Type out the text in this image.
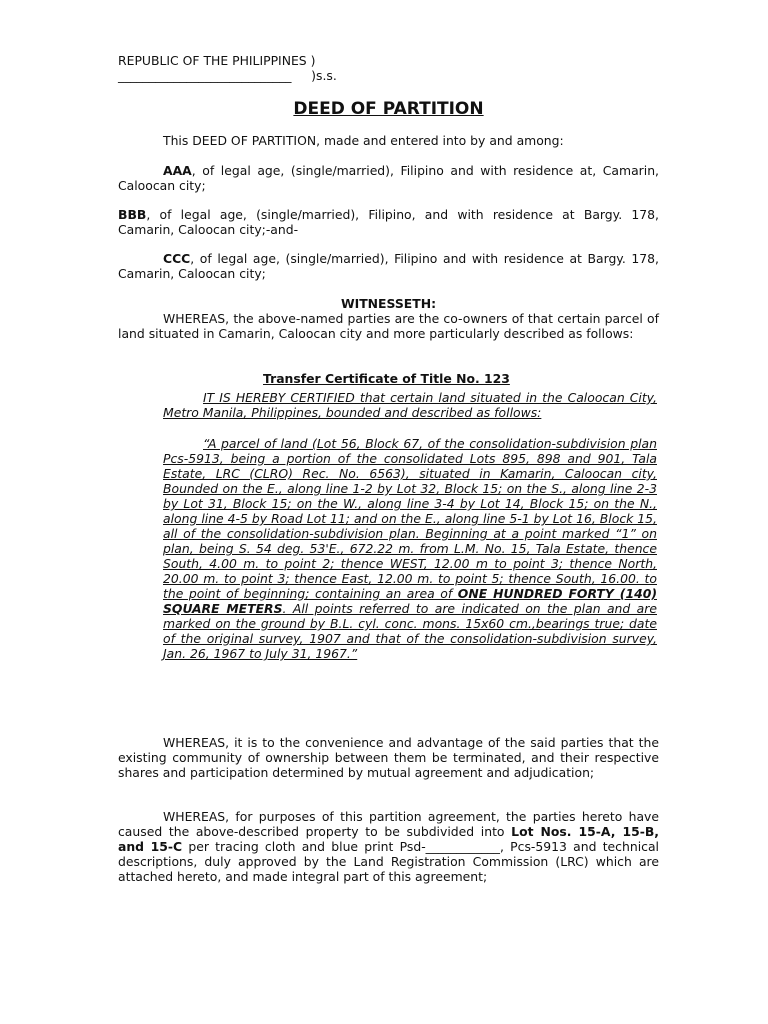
REPUBLIC OF THE PHILIPPINES )
____________________________ )s.s.
DEED OF PARTITION
This DEED OF PARTITION, made and entered into by and among:
AAA, of legal age, (single/married), Filipino and with residence at, Camarin, Caloocan city;
BBB, of legal age, (single/married), Filipino, and with residence at Bargy. 178, Camarin, Caloocan city;-and-
CCC, of legal age, (single/married), Filipino and with residence at Bargy. 178, Camarin, Caloocan city;
WITNESSETH:
WHEREAS, the above-named parties are the co-owners of that certain parcel of land situated in Camarin, Caloocan city and more particularly described as follows:
Transfer Certificate of Title No. 123
IT IS HEREBY CERTIFIED that certain land situated in the Caloocan City, Metro Manila, Philippines, bounded and described as follows:
“A parcel of land (Lot 56, Block 67, of the consolidation-subdivision plan Pcs-5913, being a portion of the consolidated Lots 895, 898 and 901, Tala Estate, LRC (CLRO) Rec. No. 6563), situated in Kamarin, Caloocan city, Bounded on the E., along line 1-2 by Lot 32, Block 15; on the S., along line 2-3 by Lot 31, Block 15; on the W., along line 3-4 by Lot 14, Block 15; on the N., along line 4-5 by Road Lot 11; and on the E., along line 5-1 by Lot 16, Block 15, all of the consolidation-subdivision plan. Beginning at a point marked “1” on plan, being S. 54 deg. 53'E., 672.22 m. from L.M. No. 15, Tala Estate, thence South, 4.00 m. to point 2; thence WEST, 12.00 m to point 3; thence North, 20.00 m. to point 3; thence East, 12.00 m. to point 5; thence South, 16.00. to the point of beginning; containing an area of ONE HUNDRED FORTY (140) SQUARE METERS. All points referred to are indicated on the plan and are marked on the ground by B.L. cyl. conc. mons. 15x60 cm.,bearings true; date of the original survey, 1907 and that of the consolidation-subdivision survey, Jan. 26, 1967 to July 31, 1967.”
WHEREAS, it is to the convenience and advantage of the said parties that the existing community of ownership between them be terminated, and their respective shares and participation determined by mutual agreement and adjudication;
WHEREAS, for purposes of this partition agreement, the parties hereto have caused the above-described property to be subdivided into Lot Nos. 15-A, 15-B, and 15-C per tracing cloth and blue print Psd-____________, Pcs-5913 and technical descriptions, duly approved by the Land Registration Commission (LRC) which are attached hereto, and made integral part of this agreement;
